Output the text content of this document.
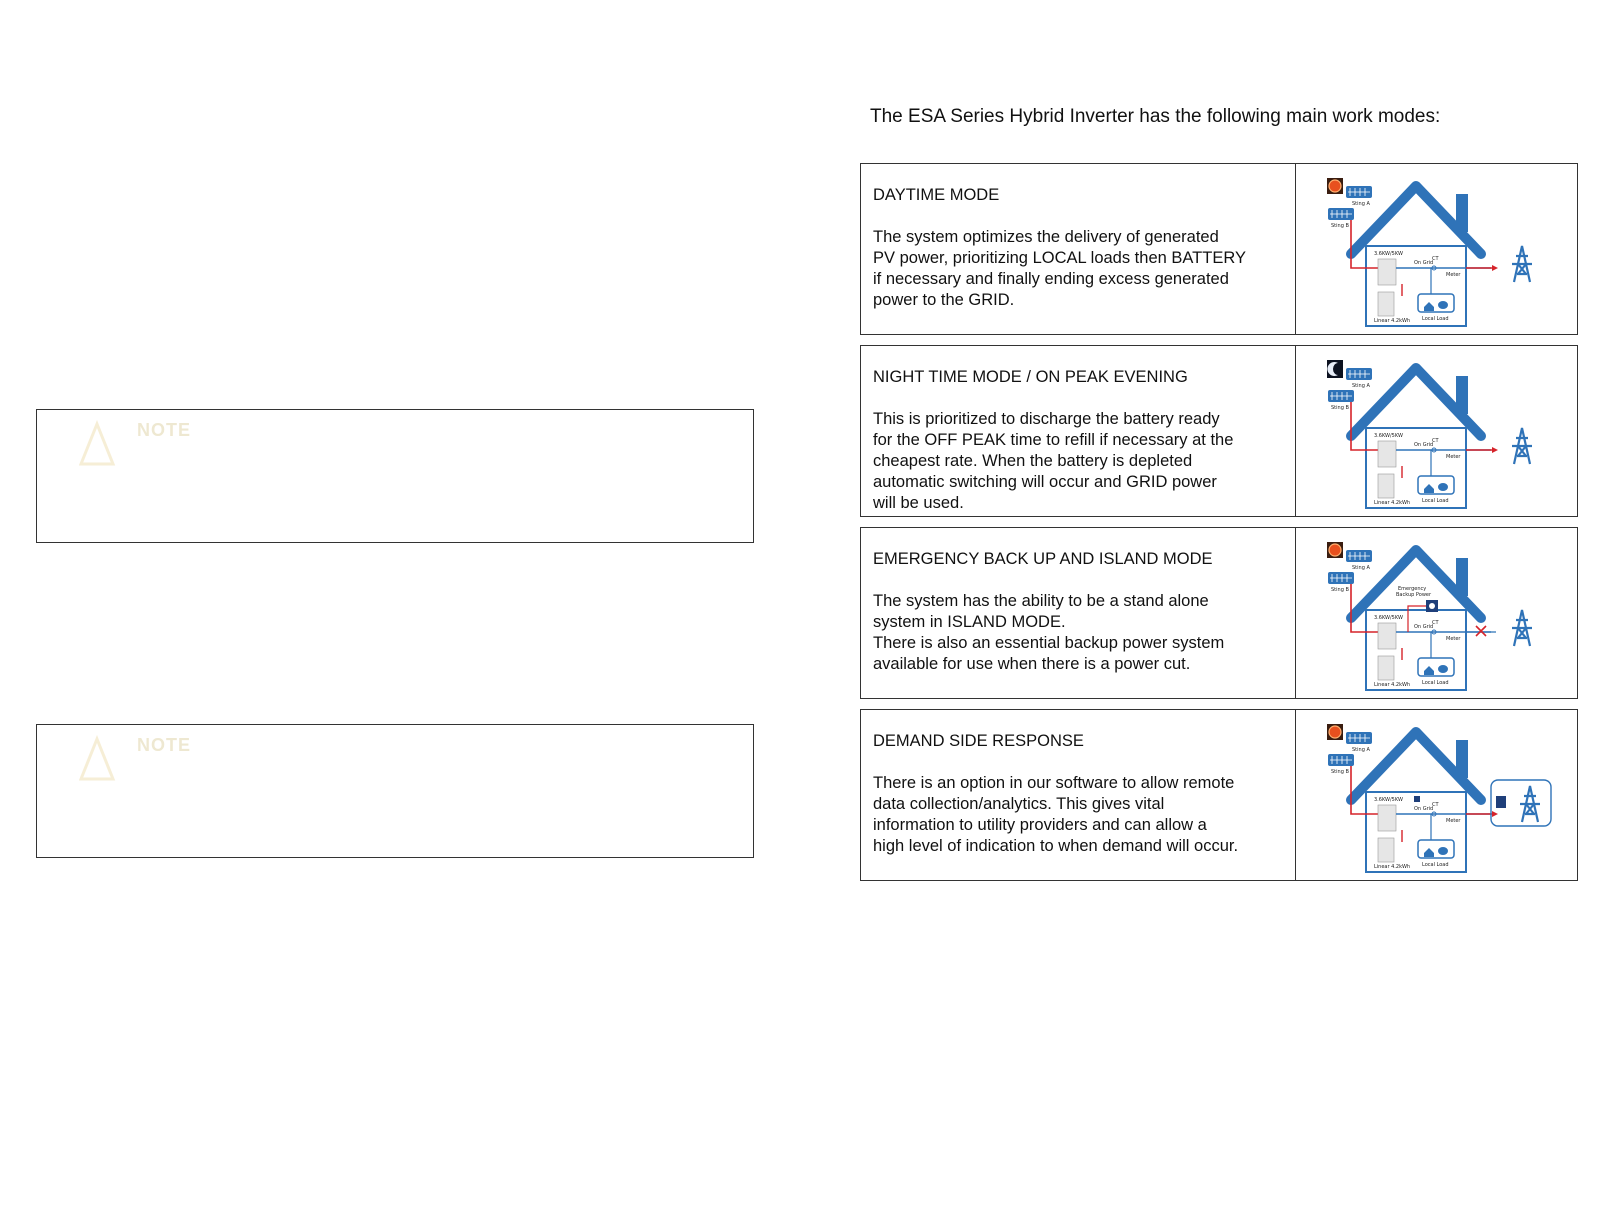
NOTE
NOTE
The ESA Series Hybrid Inverter has the following main work modes:

DAYTIME MODE

The system optimizes the delivery of generated
PV power, prioritizing LOCAL loads then BATTERY
if necessary and finally ending excess generated
power to the GRID.

Sting A
Sting B
3.6KW/5KW
Linear 4.2kWh
On Grid
CT
Meter
Local Load

NIGHT TIME MODE / ON PEAK EVENING

This is prioritized to discharge the battery ready
for the OFF PEAK time to refill if necessary at the
cheapest rate. When the battery is depleted
automatic switching will occur and GRID power
will be used.

Sting A
Sting B
3.6KW/5KW
Linear 4.2kWh
On Grid
CT
Meter
Local Load

EMERGENCY BACK UP AND ISLAND MODE

The system has the ability to be a stand alone
system in ISLAND MODE.
There is also an essential backup power system
available for use when there is a power cut.

Sting A
Sting B
3.6KW/5KW
Linear 4.2kWh
On Grid
CT
Meter
Local Load
Emergency Backup Power

DEMAND SIDE RESPONSE

There is an option in our software to allow remote
data collection/analytics. This gives vital
information to utility providers and can allow a
high level of indication to when demand will occur.

Sting A
Sting B
3.6KW/5KW
Linear 4.2kWh
On Grid
CT
Meter
Local Load
